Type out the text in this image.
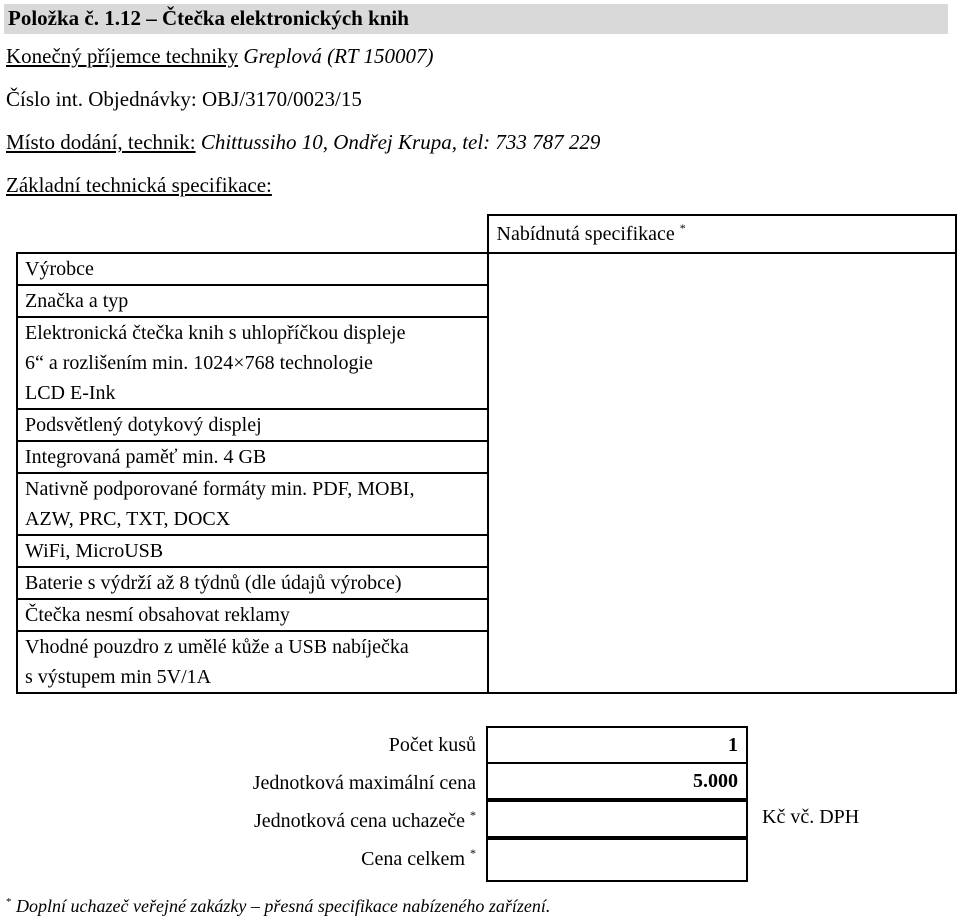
Položka č. 1.12 – Čtečka elektronických knih
Konečný příjemce techniky Greplová (RT 150007)
Číslo int. Objednávky: OBJ/3170/0023/15
Místo dodání, technik: Chittussiho 10, Ondřej Krupa, tel: 733 787 229
Základní technická specifikace:
	Nabídnutá specifikace *

Výrobce	

Značka a typ	

Elektronická čtečka knih s uhlopříčkou displeje
6“ a rozlišením min. 1024×768 technologie
LCD E-Ink	

Podsvětlený dotykový displej	

Integrovaná paměť min. 4 GB	

Nativně podporované formáty min. PDF, MOBI,
AZW, PRC, TXT, DOCX	

WiFi, MicroUSB	

Baterie s výdrží až 8 týdnů (dle údajů výrobce)	

Čtečka nesmí obsahovat reklamy	

Vhodné pouzdro z umělé kůže a USB nabíječka
s výstupem min 5V/1A	
Počet kusů	1
Jednotková maximální cena	5.000
Jednotková cena uchazeče *
Cena celkem *
Kč vč. DPH
* Doplní uchazeč veřejné zakázky – přesná specifikace nabízeného zařízení.
